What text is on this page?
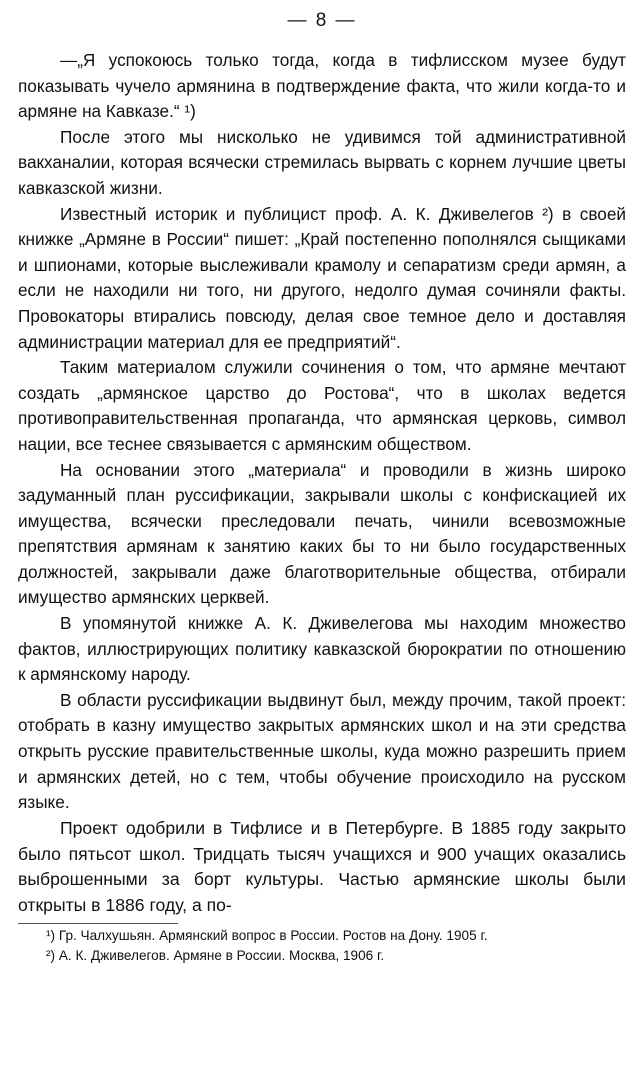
— 8 —

—„Я успокоюсь только тогда, когда в тифлисском музее будут показывать чучело армянина в подтверждение факта, что жили когда-то и армяне на Кавказе.“ ¹)

После этого мы нисколько не удивимся той административной вакханалии, которая всячески стремилась вырвать с корнем лучшие цветы кавказской жизни.

Известный историк и публицист проф. А. К. Дживелегов ²) в своей книжке „Армяне в России“ пишет: „Край постепенно пополнялся сыщиками и шпионами, которые выслеживали крамолу и сепаратизм среди армян, а если не находили ни того, ни другого, недолго думая сочиняли факты. Провокаторы втирались повсюду, делая свое темное дело и доставляя администрации материал для ее предприятий“.

Таким материалом служили сочинения о том, что армяне мечтают создать „армянское царство до Ростова“, что в школах ведется противоправительственная пропаганда, что армянская церковь, символ нации, все теснее связывается с армянским обществом.

На основании этого „материала“ и проводили в жизнь широко задуманный план руссификации, закрывали школы с конфискацией их имущества, всячески преследовали печать, чинили всевозможные препятствия армянам к занятию каких бы то ни было государственных должностей, закрывали даже благотворительные общества, отбирали имущество армянских церквей.

В упомянутой книжке А. К. Дживелегова мы находим множество фактов, иллюстрирующих политику кавказской бюрократии по отношению к армянскому народу.

В области руссификации выдвинут был, между прочим, такой проект: отобрать в казну имущество закрытых армянских школ и на эти средства открыть русские правительственные школы, куда можно разрешить прием и армянских детей, но с тем, чтобы обучение происходило на русском языке.

Проект одобрили в Тифлисе и в Петербурге. В 1885 году закрыто было пятьсот школ. Тридцать тысяч учащихся и 900 учащих оказались выброшенными за борт культуры. Частью армянские школы были открыты в 1886 году, а по-

¹) Гр. Чалхушьян. Армянский вопрос в России. Ростов на Дону. 1905 г.

²) А. К. Дживелегов. Армяне в России. Москва, 1906 г.
